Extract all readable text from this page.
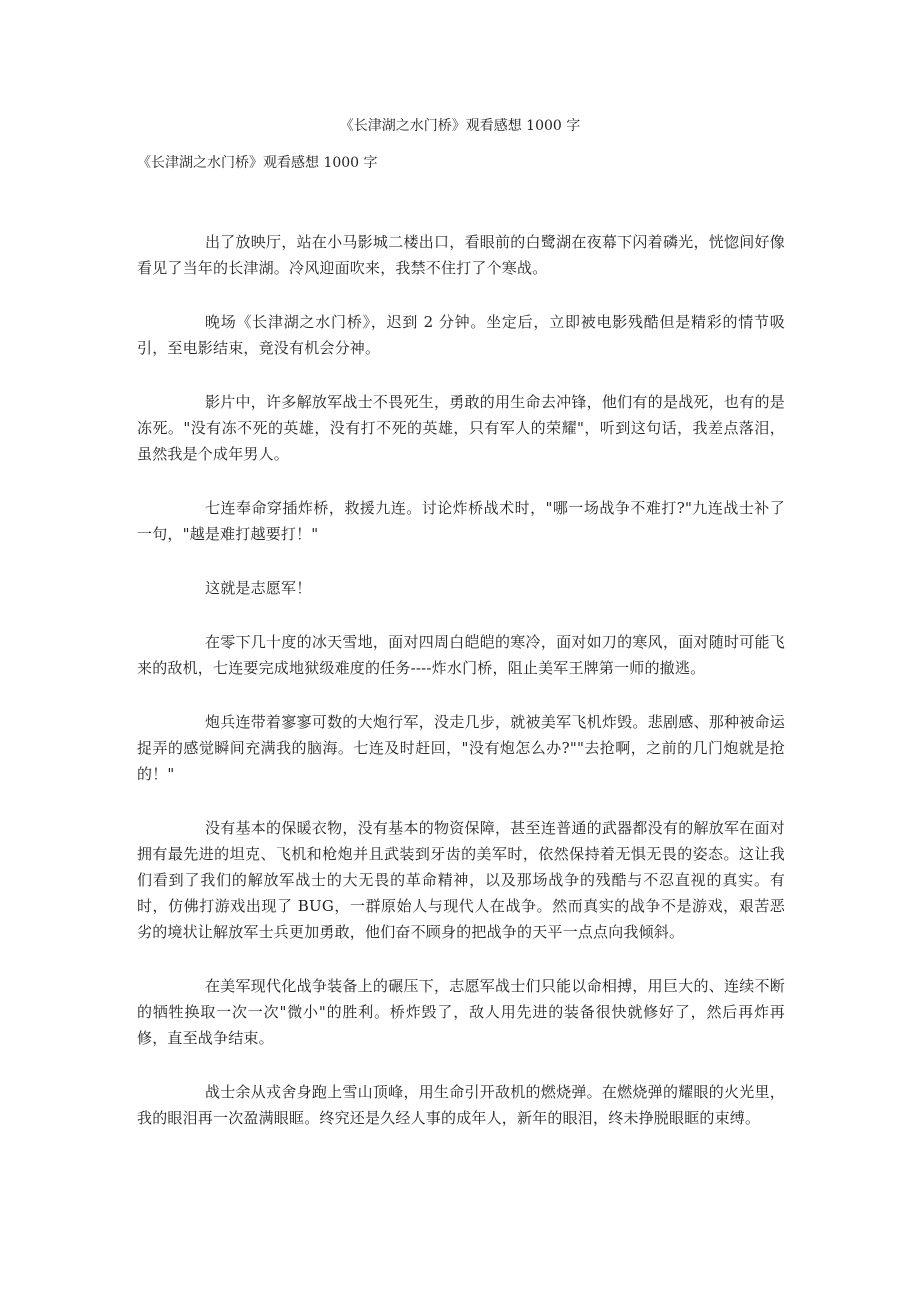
《长津湖之水门桥》观看感想 1000 字
《长津湖之水门桥》观看感想 1000 字

出了放映厅，站在小马影城二楼出口，看眼前的白鹭湖在夜幕下闪着磷光，恍惚间好像看见了当年的长津湖。冷风迎面吹来，我禁不住打了个寒战。

晚场《长津湖之水门桥》，迟到 2 分钟。坐定后，立即被电影残酷但是精彩的情节吸引，至电影结束，竟没有机会分神。

影片中，许多解放军战士不畏死生，勇敢的用生命去冲锋，他们有的是战死，也有的是冻死。"没有冻不死的英雄，没有打不死的英雄，只有军人的荣耀"，听到这句话，我差点落泪，虽然我是个成年男人。

七连奉命穿插炸桥，救援九连。讨论炸桥战术时，"哪一场战争不难打?"九连战士补了一句，"越是难打越要打！"

这就是志愿军！

在零下几十度的冰天雪地，面对四周白皑皑的寒冷，面对如刀的寒风，面对随时可能飞来的敌机，七连要完成地狱级难度的任务----炸水门桥，阻止美军王牌第一师的撤逃。

炮兵连带着寥寥可数的大炮行军，没走几步，就被美军飞机炸毁。悲剧感、那种被命运捉弄的感觉瞬间充满我的脑海。七连及时赶回，"没有炮怎么办?""去抢啊，之前的几门炮就是抢的！"

没有基本的保暖衣物，没有基本的物资保障，甚至连普通的武器都没有的解放军在面对拥有最先进的坦克、飞机和枪炮并且武装到牙齿的美军时，依然保持着无惧无畏的姿态。这让我们看到了我们的解放军战士的大无畏的革命精神，以及那场战争的残酷与不忍直视的真实。有时，仿佛打游戏出现了 BUG，一群原始人与现代人在战争。然而真实的战争不是游戏，艰苦恶劣的境状让解放军士兵更加勇敢，他们奋不顾身的把战争的天平一点点向我倾斜。

在美军现代化战争装备上的碾压下，志愿军战士们只能以命相搏，用巨大的、连续不断的牺牲换取一次一次"微小"的胜利。桥炸毁了，敌人用先进的装备很快就修好了，然后再炸再修，直至战争结束。

战士余从戎舍身跑上雪山顶峰，用生命引开敌机的燃烧弹。在燃烧弹的耀眼的火光里，我的眼泪再一次盈满眼眶。终究还是久经人事的成年人，新年的眼泪，终未挣脱眼眶的束缚。
